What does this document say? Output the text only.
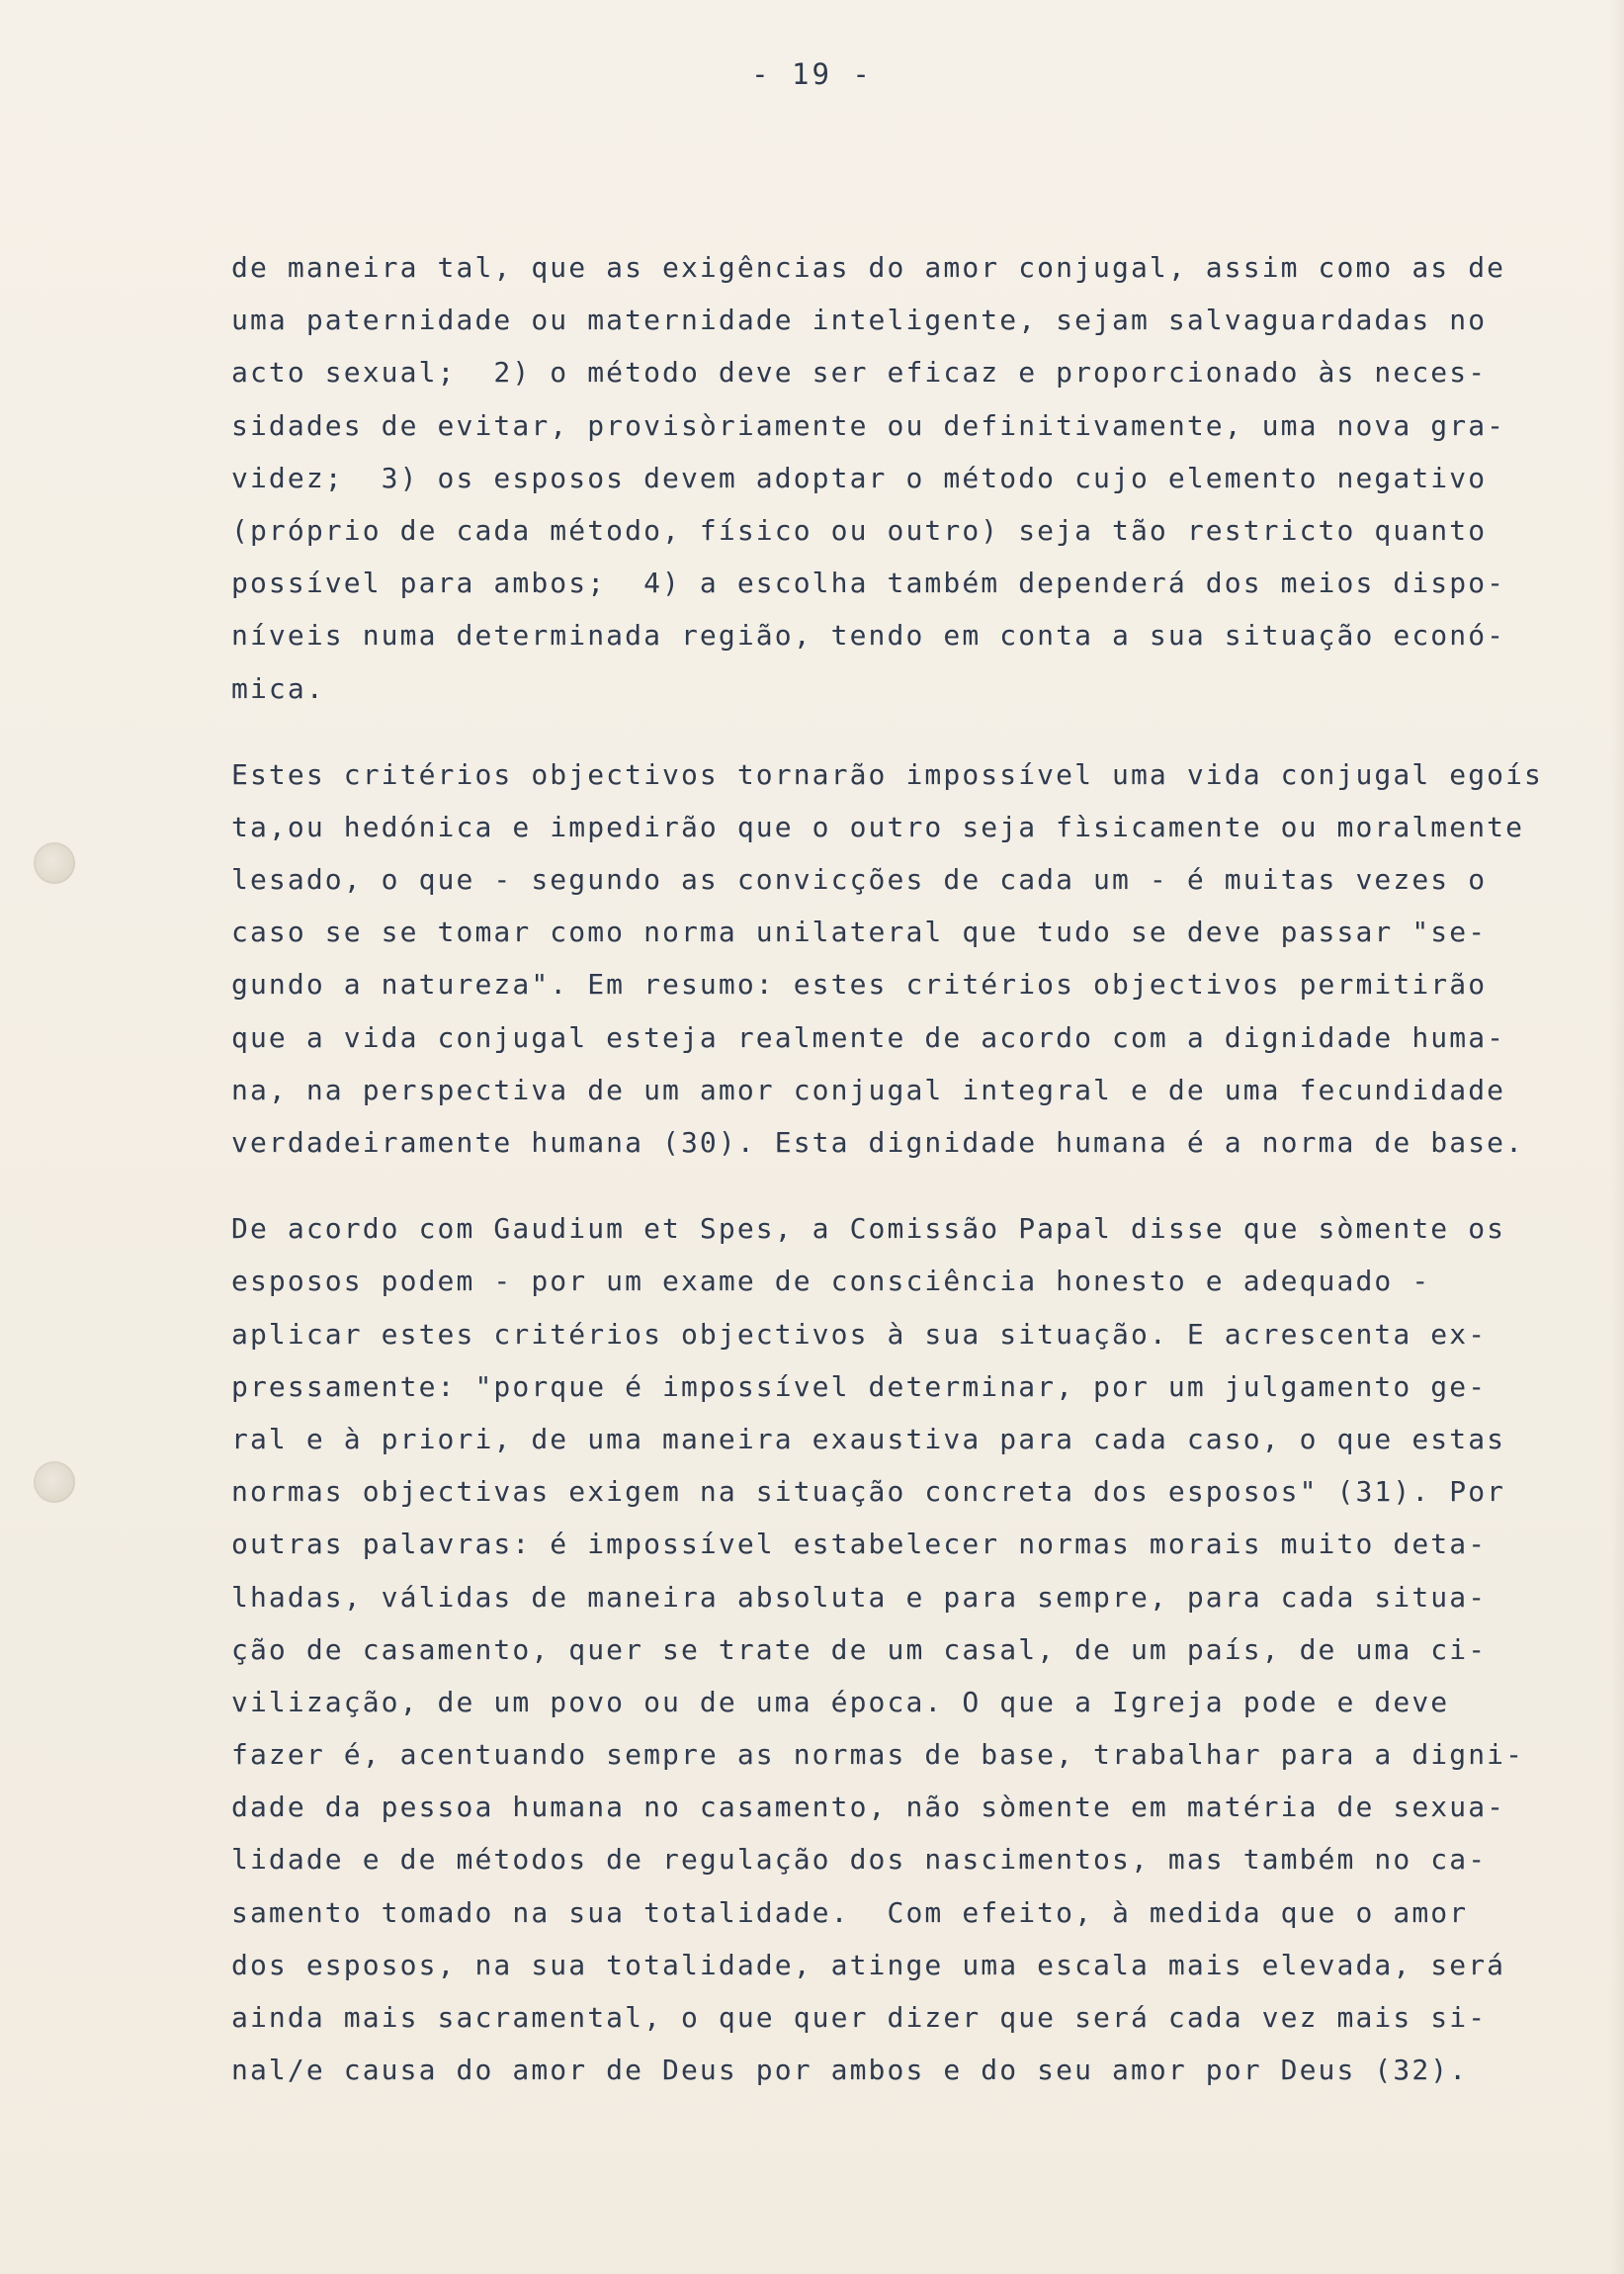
- 19 -
de maneira tal, que as exigências do amor conjugal, assim como as de
uma paternidade ou maternidade inteligente, sejam salvaguardadas no
acto sexual;  2) o método deve ser eficaz e proporcionado às neces-
sidades de evitar, provisòriamente ou definitivamente, uma nova gra-
videz;  3) os esposos devem adoptar o método cujo elemento negativo
(próprio de cada método, físico ou outro) seja tão restricto quanto
possível para ambos;  4) a escolha também dependerá dos meios dispo-
níveis numa determinada região, tendo em conta a sua situação econó-
mica.
Estes critérios objectivos tornarão impossível uma vida conjugal egoís
ta,ou hedónica e impedirão que o outro seja fìsicamente ou moralmente
lesado, o que - segundo as convicções de cada um - é muitas vezes o
caso se se tomar como norma unilateral que tudo se deve passar "se-
gundo a natureza". Em resumo: estes critérios objectivos permitirão
que a vida conjugal esteja realmente de acordo com a dignidade huma-
na, na perspectiva de um amor conjugal integral e de uma fecundidade
verdadeiramente humana (30). Esta dignidade humana é a norma de base.
De acordo com Gaudium et Spes, a Comissão Papal disse que sòmente os
esposos podem - por um exame de consciência honesto e adequado -
aplicar estes critérios objectivos à sua situação. E acrescenta ex-
pressamente: "porque é impossível determinar, por um julgamento ge-
ral e à priori, de uma maneira exaustiva para cada caso, o que estas
normas objectivas exigem na situação concreta dos esposos" (31). Por
outras palavras: é impossível estabelecer normas morais muito deta-
lhadas, válidas de maneira absoluta e para sempre, para cada situa-
ção de casamento, quer se trate de um casal, de um país, de uma ci-
vilização, de um povo ou de uma época. O que a Igreja pode e deve
fazer é, acentuando sempre as normas de base, trabalhar para a digni-
dade da pessoa humana no casamento, não sòmente em matéria de sexua-
lidade e de métodos de regulação dos nascimentos, mas também no ca-
samento tomado na sua totalidade.  Com efeito, à medida que o amor
dos esposos, na sua totalidade, atinge uma escala mais elevada, será
ainda mais sacramental, o que quer dizer que será cada vez mais si-
nal/e causa do amor de Deus por ambos e do seu amor por Deus (32).
